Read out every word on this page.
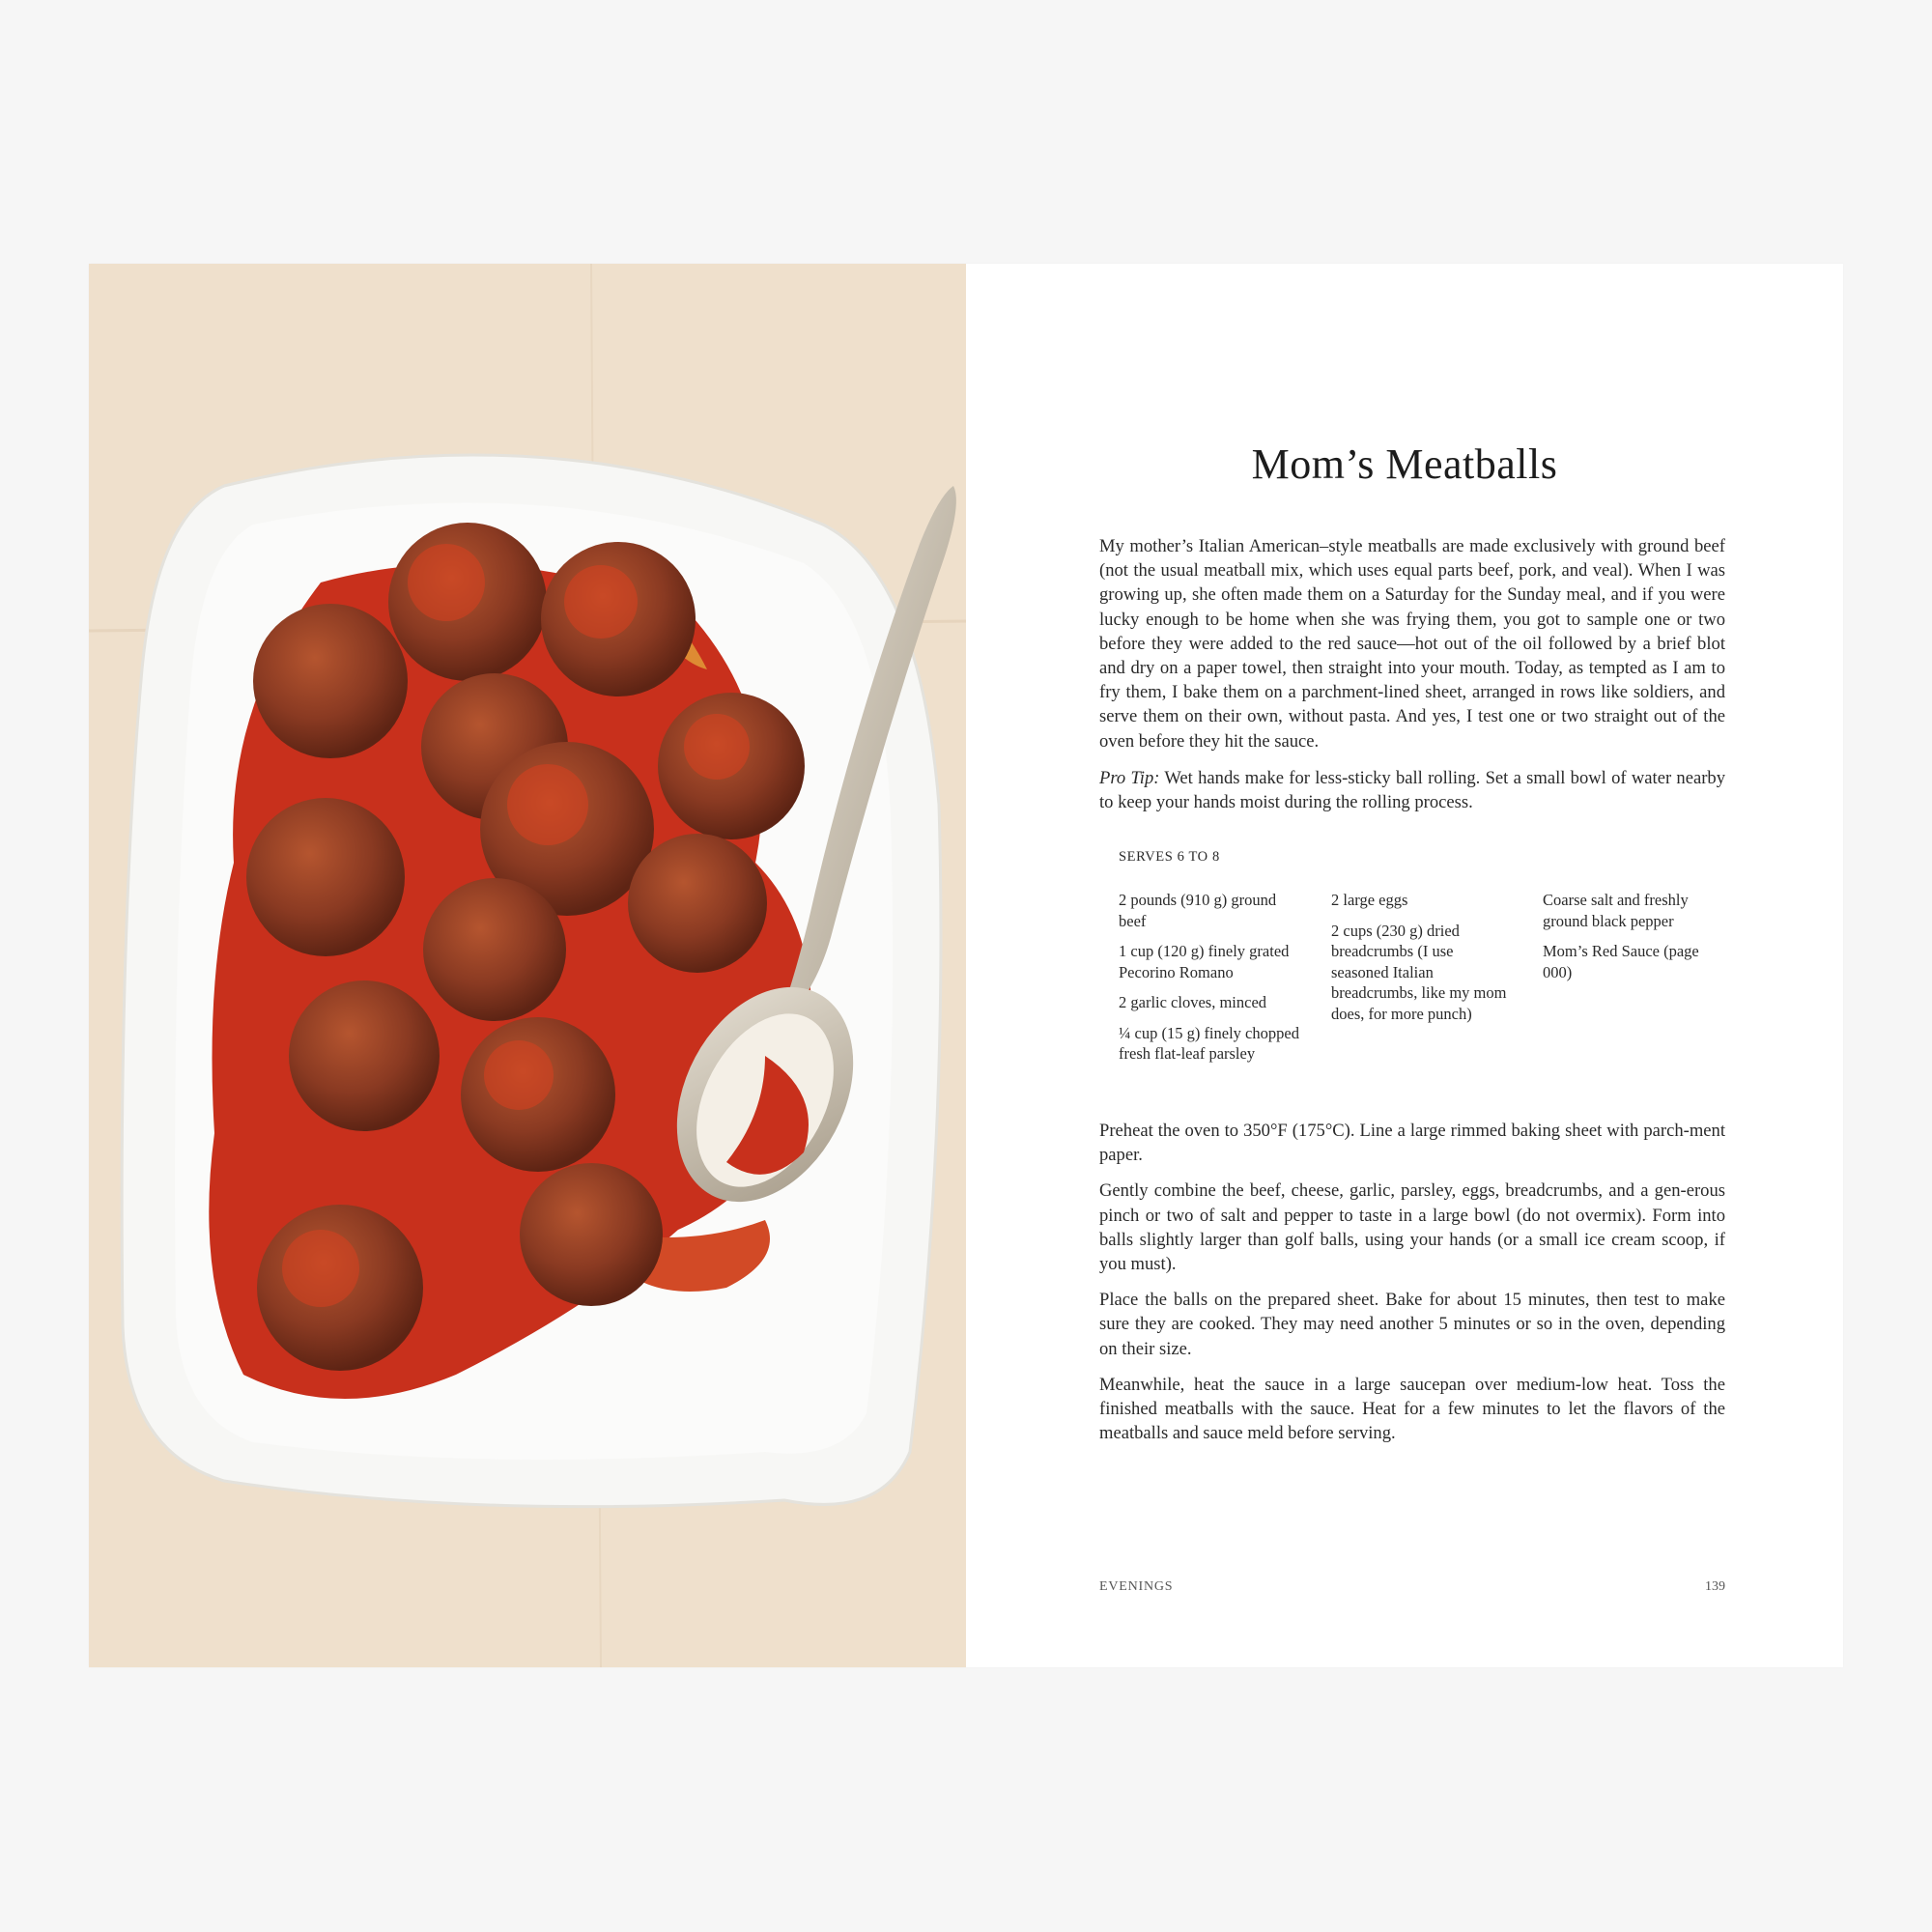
Mom’s Meatballs

My mother’s Italian American–style meatballs are made exclusively with ground beef (not the usual meatball mix, which uses equal parts beef, pork, and veal). When I was growing up, she often made them on a Saturday for the Sunday meal, and if you were lucky enough to be home when she was frying them, you got to sample one or two before they were added to the red sauce—hot out of the oil followed by a brief blot and dry on a paper towel, then straight into your mouth. Today, as tempted as I am to fry them, I bake them on a parchment-lined sheet, arranged in rows like soldiers, and serve them on their own, without pasta. And yes, I test one or two straight out of the oven before they hit the sauce.

Pro Tip: Wet hands make for less-sticky ball rolling. Set a small bowl of water nearby to keep your hands moist during the rolling process.

SERVES 6 TO 8

2 pounds (910 g) ground beef

1 cup (120 g) finely grated Pecorino Romano

2 garlic cloves, minced

¼ cup (15 g) finely chopped fresh flat-leaf parsley

2 large eggs

2 cups (230 g) dried breadcrumbs (I use seasoned Italian breadcrumbs, like my mom does, for more punch)

Coarse salt and freshly ground black pepper

Mom’s Red Sauce (page 000)

Preheat the oven to 350°F (175°C). Line a large rimmed baking sheet with parch-ment paper.

Gently combine the beef, cheese, garlic, parsley, eggs, breadcrumbs, and a gen-erous pinch or two of salt and pepper to taste in a large bowl (do not overmix). Form into balls slightly larger than golf balls, using your hands (or a small ice cream scoop, if you must).

Place the balls on the prepared sheet. Bake for about 15 minutes, then test to make sure they are cooked. They may need another 5 minutes or so in the oven, depending on their size.

Meanwhile, heat the sauce in a large saucepan over medium-low heat. Toss the finished meatballs with the sauce. Heat for a few minutes to let the flavors of the meatballs and sauce meld before serving.

EVENINGS	139
